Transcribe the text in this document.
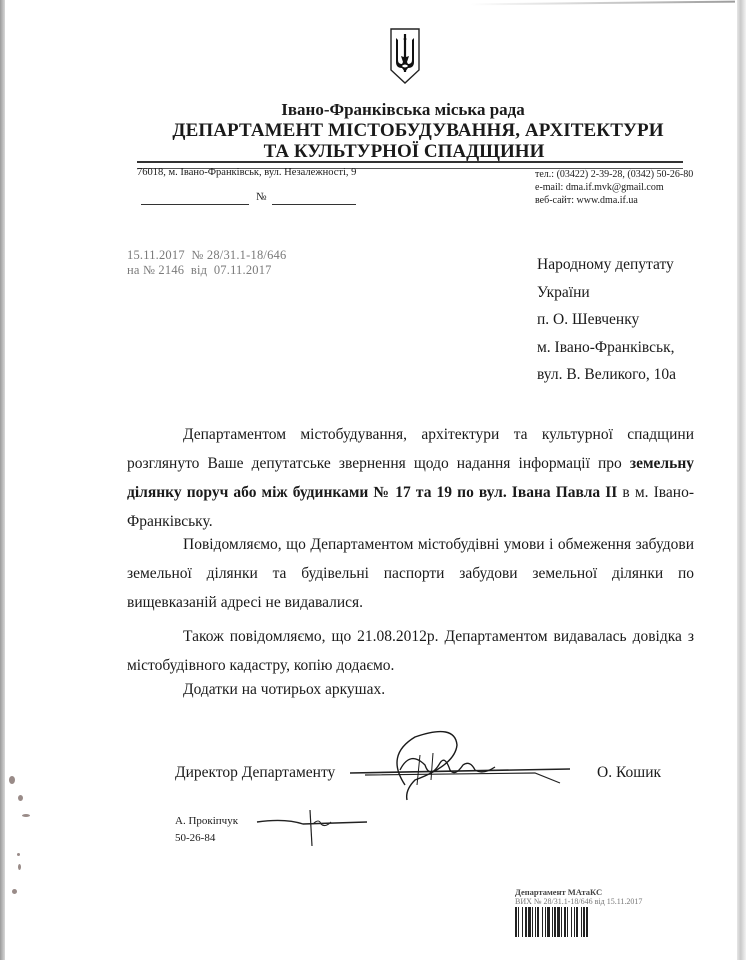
Івано-Франківська міська рада
ДЕПАРТАМЕНТ МІСТОБУДУВАННЯ, АРХІТЕКТУРИ
ТА КУЛЬТУРНОЇ СПАДЩИНИ
76018, м. Івано-Франківськ, вул. Незалежності, 9	тел.: (03422) 2-39-28, (0342) 50-26-80
e-mail: dma.if.mvk@gmail.com
веб-сайт: www.dma.if.ua
№
15.11.2017  № 28/31.1-18/646
на № 2146  від  07.11.2017	Народному депутату
України
п. О. Шевченку
м. Івано-Франківськ,
вул. В. Великого, 10а
Департаментом містобудування, архітектури та культурної спадщини розглянуто Ваше депутатське звернення щодо надання інформації про земельну ділянку поруч або між будинками № 17 та 19 по вул. Івана Павла ІІ в м. Івано-Франківську.
Повідомляємо, що Департаментом містобудівні умови і обмеження забудови земельної ділянки та будівельні паспорти забудови земельної ділянки по вищевказаній адресі не видавалися.
Також повідомляємо, що 21.08.2012р. Департаментом видавалась довідка з містобудівного кадастру, копію додаємо.
Додатки на чотирьох аркушах.
Директор Департаменту	О. Кошик
А. Прокіпчук
50-26-84
Департамент МАтаКС
ВИХ № 28/31.1-18/646 від 15.11.2017
